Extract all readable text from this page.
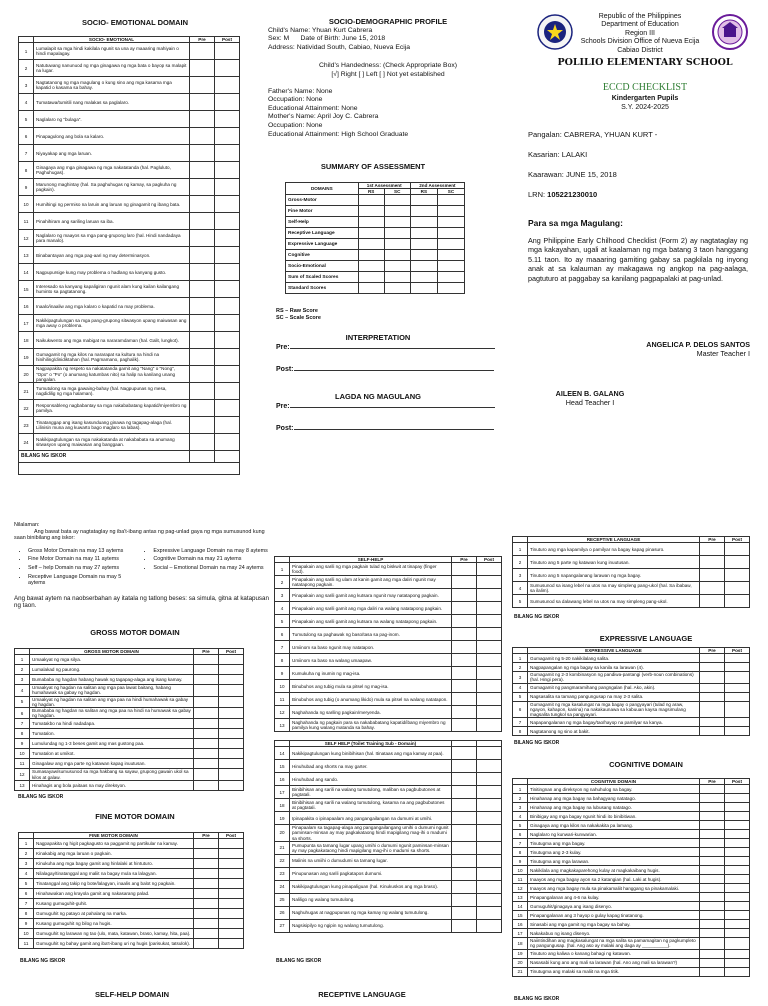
SOCIO- EMOTIONAL DOMAIN
	SOCIO- EMOTIONAL	Pre	Post
1	Lumalapit sa mga hindi kakilala ngunit sa una ay maaaring mahiyain o hindi mapalagay.		
2	Natutuwang nanunuod ng mga ginagawa ng mga bata o bayop sa malapit na lugar.		
3	Nagtatanong ng mga magulang o kung sino ang mga kasama mga kapatid o kasama sa bahay.		
4	Tumatawa/tumitili nang malakas sa paglalaro.		
5	Naglalaro ng "bulaga".		
6	Pinapagulong ang bola sa kalaro.		
7	Niyayakap ang mga laruan.		
8	Ginagaya ang mga ginagawa ng mga nakatatanda (hal. Pagluluto, Paghuhugas).		
9	Marunong maghintay (hal. Sa paghuhugas ng kamay, sa pagkuha ng pagkain).		
10	Humihingi ng permiso na laruin ang laruan ng ginagamit ng ibang bata.		
11	Pinahihiram ang sariling laruan sa iba.		
12	Naglalaro ng maayos sa mga pang-grupong laro (hal. Hindi nandadaya para manalo).		
13	Binabantayan ang mga pag-aari ng may determinasyon.		
14	Nagpupursige kung may problema o hadlang sa kanyang gusto.		
15	Interesado sa kanyang kapaligiran ngunit alam kung kailan kailangang huminto sa pagtatanong.		
16	Inaalo/inaaliw ang mga kalaro o kapatid na may problema.		
17	Nakikipagtulungan sa mga pang-grupong sitwasyon upang maiwasan ang mga away o problema.		
18	Naikukwento ang mga mabigat na nararamdaman (hal. Galit, lungkot).		
19	Gumagamit ng mga kilos na nararapat sa kultura na hindi na hinihiling/dinidiktahan (hal. Pagmamano, paghalik).		
20	Nagpapakita ng respeto sa nakatatanda gamit ang "Nang" o "Nong", "Opo" o "Po" (o anumang katumbas nito) sa halip na kanilang unang pangalan.		
21	Tumutulong sa mga gawaing-bahay (hal. Nagpupunas ng mesa, nagdidilig ng mga halaman).		
22	Responsableng nagbabantay sa mga nakababatang kapatid/miyembro ng pamilya.		
23	Tinatanggap ang isang kasunduang ginawa ng tagapag-alaga (hal. Lilinisin muna ang kuwarto bago maglaro sa labas).		
24	Nakikipagtulungan sa mga nakakatanda at nakababata sa anumang sitwasyon upang maiwasan ang banggaan.		
BILANG NG ISKOR			

SOCIO-DEMOGRAPHIC PROFILE
Child's Name: Yhuan Kurt Cabrera
Sex: M Date of Birth: June 15, 2018
Address: Natividad South, Cabiao, Nueva Ecija
Child's Handedness: (Check Appropriate Box)
[√] Right [ ] Left [ ] Not yet established
Father's Name: None
Occupation: None
Educational Attainment: None
Mother's Name: April Joy C. Cabrera
Occupation: None
Educational Attainment: High School Graduate
SUMMARY OF ASSESSMENT
DOMAINS	1st Assessment		2nd Assessment	
	RS	SC	RS	SC
Gross-Motor				
Fine Motor				
Self-Help				
Receptive Language				
Expressive Language				
Cognitive				
Socio-Emotional				
Sum of Scaled Scores				
Standard Scores				
RS – Raw Score
SC – Scale Score
INTERPRETATION
Pre:
Post:
LAGDA NG MAGULANG
Pre:
Post:
Republic of the Philippines
Department of Education
Region III
Schools Division Office of Nueva Ecija
Cabiao District
POLILIO ELEMENTARY SCHOOL
ECCD CHECKLIST
Kindergarten Pupils
S.Y. 2024-2025
Pangalan: CABRERA, YHUAN KURT -
Kasarian: LALAKI
Kaarawan: JUNE 15, 2018
LRN: 105221230010
Para sa mga Magulang:
Ang Philippine Early Chilhood Checklist (Form 2) ay nagtataglay ng mga kakayahan, ugali at kaalaman ng mga batang 3 taon hanggang 5.11 taon. Ito ay maaaring gamiting gabay sa pagkilala ng inyong anak at sa kalauman ay makagawa ng angkop na pag-aalaga, pagtuturo at paggabay sa kanilang pagpapalaki at pag-unlad.
ANGELICA P. DELOS SANTOS
Master Teacher I
AILEEN B. GALANG
Head Teacher I
Nilalaman:
Ang bawat bata ay nagtataglay ng iba't-ibang antas ng pag-unlad gaya ng mga sumusunod kung saan binibilang ang iskor:
• Gross Motor Domain na may 13 aytems
• Fine Motor Domain na may 11 aytems
• Self – help Domain na may 27 aytems
• Receptive Language Domain na may 5 aytems
• Expressive Language Domain na may 8 aytems
• Cognitive Domain na may 21 aytems
• Social – Emotional Domain na may 24 aytems
Ang bawat aytem na naobserbahan ay itatala ng tatlong beses: sa simula, gitna at katapusan ng taon.
GROSS MOTOR DOMAIN
	GROSS MOTOR DOMAIN	Pre	Post
1	Umaakyat ng mga silya.		
2	Lumalakad ng paurong.		
3	Bumababa ng hagdan habang hawak ng tagapag-alaga ang isang kamay.		
4	Umaakyat ng hagdan na salitan ang mga paa lawat baitang, habang humahawak sa gabay ng hagdan.		
5	Umaakyat ng hagdan na salitan ang mga paa na hindi humahawak sa gabay ng hagdan.		
6	Bumababa ng hagdan na salitan ang mga paa na hindi na humawak sa gabay ng hagdan.		
7	Tumatakbo na hindi nadadapa.		
8	Tumatalon.		
9	Lumulundag ng 1-3 beses gamit ang mas gustong paa.		
10	Tumatalon at umikot.		
11	Ginagalaw ang mga parte ng katawan kapag inuutusan.		
12	Sumasayaw/sumusunod sa mga hakbang sa sayaw, grupong gawain ukol sa kilos at galaw.		
13	Hinahagis ang bola paitaas na may direksyon.		
BILANG NG ISKOR
FINE MOTOR DOMAIN
	FINE MOTOR DOMAIN	Pre	Post
1	Nagpapakita ng higit pagkagusto sa paggamit ng partikular na kamay.		
2	Kinakabig ang mga laruan o pagkain.		
3	Kinukuha ang mga bagay gamit ang hinlalaki at hintuturo.		
4	Nilalagay/tinatanggal ang maliit na bagay mula sa lalagyan.		
5	Tinatanggal ang takip ng bote/lalagyan, inaalis ang balot ng pagkain.		
6	Hinahawakan ang krayola gamit ang nakasarang palad.		
7	Kusang gumuguhit-guhit.		
8	Gumuguhit ng patayo at pahalang na marka.		
9	Kusang gumuguhit ng bilog na hugis.		
10	Gumuguhit ng larawan ng tao (ulo, mata, katawan, braso, kamay, hita, paa).		
11	Gumuguhit ng bahay gamit ang iba't-ibang uri ng hugis (parisukat, tatsulok).		
BILANG NG ISKOR
SELF-HELP DOMAIN	RECEPTIVE LANGUAGE
	SELF-HELP	Pre	Post
1	Pinapakain ang sarili ng mga pagkain tulad ng biskwit at tinapay (finger food).		
2	Pinapakain ang sarili ng ulam at kanin gamit ang mga daliri ngunit may natatapong pagkain.		
3	Pinapakain ang sarili gamit ang kutsara ngunit may natatapong pagkain.		
4	Pinapakain ang sarili gamit ang mga daliri na walang natatapong pagkain.		
5	Pinapakain ang sarili gamit ang kutsara na walang natatapong pagkain.		
6	Tumutulong sa paghawak ng baso/tasa sa pag-inom.		
7	Umiinom sa baso ngunit may natatapon.		
8	Umiinom sa baso na walang umaapaw.		
9	Kumukuha ng inumin ng mag-isa.		
10	Binubuhos ang tubig mula sa pitsel ng mag-isa.		
11	Binubuhos ang tubig (o anumang likido) mula sa pitsel na walang natatapon.		
12	Naghahanda ng sariling pagkain/meryenda.		
13	Naghahanda ng pagkain para sa nakababatang kapatid/ibang miyembro ng pamilya kung walang matanda sa bahay.		
	SELF HELP (Toilet Training Sub - Domain)		
14	Nakikipagtulungan kung binibihisan (hal. Itinataas ang mga kamay at paa).		
15	Hinuhubad ang shorts na may garter.		
16	Hinuhubad ang sando.		
17	Binibihisan ang sarili na walang tumutulong, maliban sa pagbubutones at pagtatali.		
18	Binibihisan ang sarili na walang tumutulong, kasama na ang pagbubutones at pagtatali.		
19	Ipinapakita o ipinapaalam ang pangangailangan na dumumi at umihi.		
20	Pinapaalam sa tagapag-alaga ang pangangailangang umihi o dumumi ngunit paminsan-minsan ay may pagkakataong hindi mapigilang mag-ihi o madumi sa shorts.		
21	Pumupunta sa tamang lugar upang umihi o dumumi ngunit paminsan-minsan ay may pagkakataong hindi mapigilang mag-ihi o madumi sa shorts.		
22	Malinis na umiihi o dumudumi sa tamang lugar.		
23	Pinupunasan ang sarili pagkatapos dumumi.		
24	Nakikipagtulungan kung pinapaliguan (hal. Kinukuskos ang mga braso).		
25	Naliligo ng walang tumutulong.		
26	Naghuhugas at nagpupunas ng mga kamay ng walang tumutulong.		
27	Nagsisipilyo ng ngipin ng walang tumutulong.		
BILANG NG ISKOR
	RECEPTIVE LANGUAGE	Pre	Post
1	Tinuturo ang mga kapamilya o pamilyar na bagay kapag pinasuro.		
2	Tinuturo ang 5 parte ng katawan kung inuutusan.		
3	Tinuturo ang 5 napangalanang larawan ng mga bagay.		
4	Sumusunod sa isang lebel na utos na may simpleng pang-ukol (hal. Sa ibabaw, sa ilalim).		
5	Sumusunod sa dalawang lebel na utos na may simpleng pang-ukol.		
BILANG NG ISKOR
EXPRESSIVE LANGUAGE
	EXPRESSIVE LANGUAGE	Pre	Post
1	Gumagamit ng 5-20 nakikilalang salita.		
2	Nagpapangalan ng mga bagay sa kanila sa larawan (4).		
3	Gumagamit ng 2-3 kombinasyon ng pandiwa-pantangi (verb-noun combinations) (hal. Hingi pera).		
4	Gumagamit ng pangmaramihang pangngalan (hal. Ako, akin).		
5	Nagsasalita sa tamang pangungusap na may 2-3 salita.		
6	Gumagamit ng mga kasalungat na mga bagay o pangyayari (tulad ng araw, ngayon, kahapon, kanina) na nakakaunawa sa kabuuan kaysa magsimulang magsalita tungkol sa pangyayari.		
7	Napapangalanan ng mga bagay/tao/hayop na pamilyar sa kanya.		
8	Nagtatanong ng sino at bakit.		
BILANG NG ISKOR
COGNITIVE DOMAIN
	COGNITIVE DOMAIN	Pre	Post
1	Tinitingnan ang direksyon ng nahuhulog na bagay.		
2	Hinahanap ang mga bagay na bahagyang natatago.		
3	Hinahanap ang mga bagay na lubusang natatago.		
4	Binibigay ang mga bagay ngunit hindi ito binibitiwan.		
5	Ginagaya ang mga kilos na nakakakita pa lamang.		
6	Naglalaro ng kunwari-kunwarian.		
7	Tinutugma ang mga bagay.		
8	Tinutugma ang 2-3 kulay.		
9	Tinutugma ang mga larawan.		
10	Nakikilala ang magkakaparehong kulay at magkakaibang hugis.		
11	Inaayos ang mga bagay ayon sa 2 katangian (hal. Laki at hugis).		
12	Inaayos ang mga bagay mula sa pinakamaliit hanggang sa pinakamalaki.		
13	Pinapangalanan ang 4-6 na kulay.		
14	Gumuguhit/ginagaya ang isang disenyo.		
15	Pinapangalanan ang 3 hayop o gulay kapag tinatanong.		
16	Sinasabi ang mga gamit ng mga bagay sa bahay.		
17	Nakakabuo ng isang disenyo.		
18	Naiintindihan ang magkasalungat na mga salita sa pamamagitan ng pagkumpleto ng pangungusap. (hal. Ang aso ay malaki ang daga ay __________).		
19	Tinuturo ang kaliwa o kanang bahagi ng katawan.		
20	Nasasabi kung ano ang mali sa larawan (hal. Ano ang mali sa larawan?)		
21	Tinutugma ang malaki sa maliit na mga titik.		
BILANG NG ISKOR
